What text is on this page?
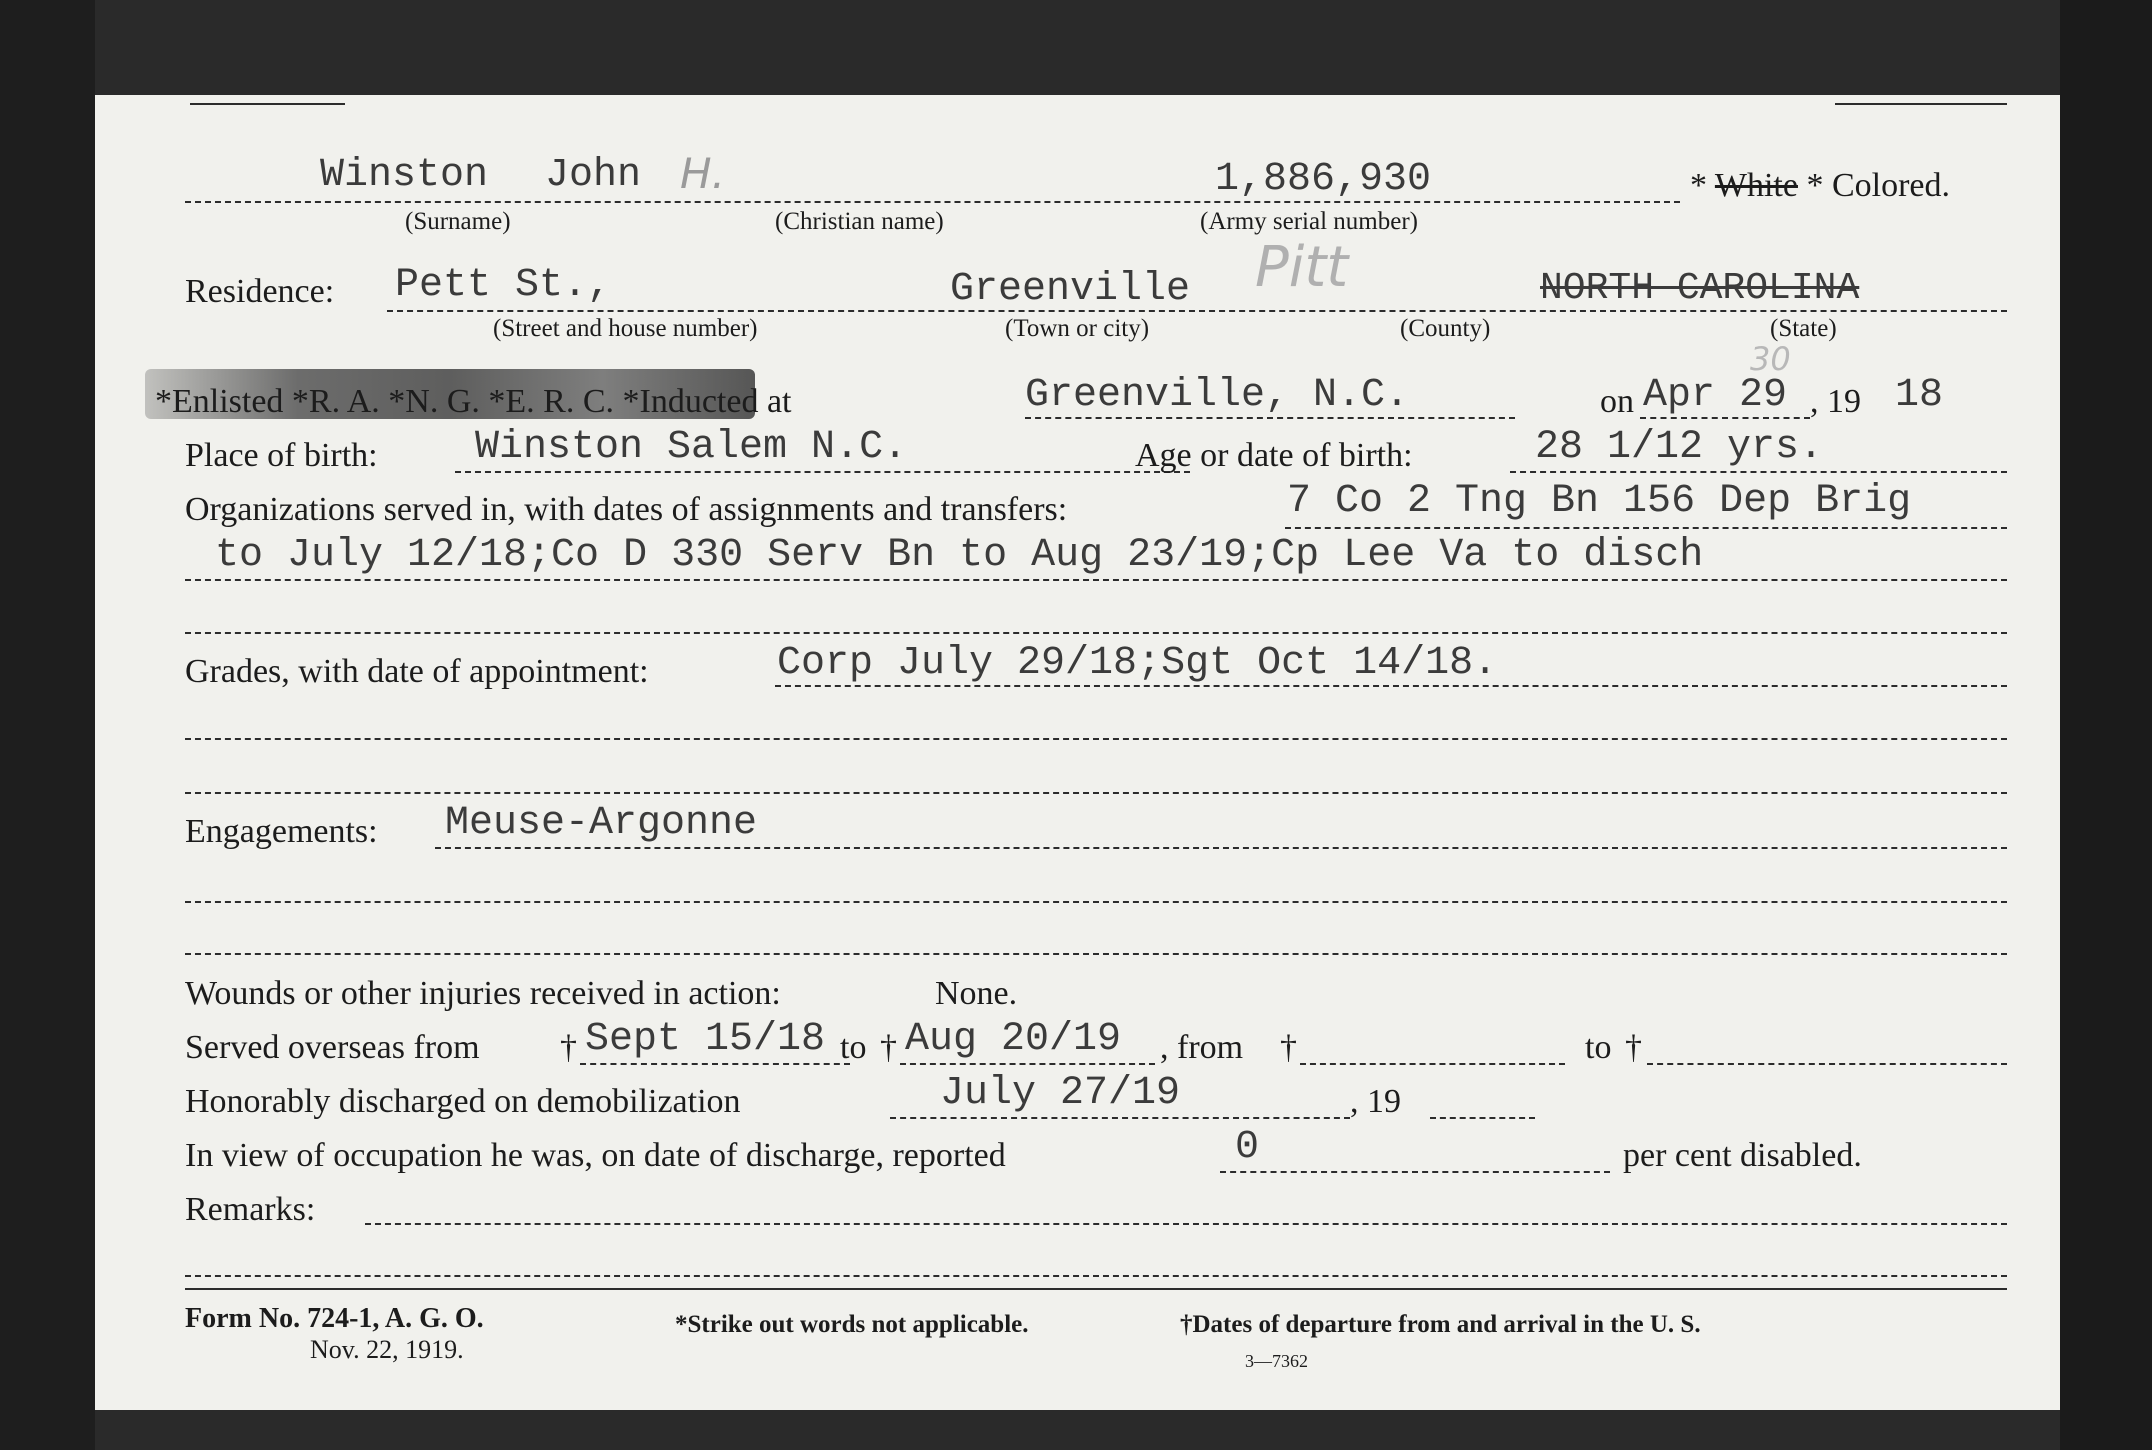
Winston John H.	1,886,930	* White * Colored.
(Surname)	(Christian name)	(Army serial number)
Residence: Pett St.,	Greenville Pitt	NORTH CAROLINA
(Street and house number)	(Town or city)	(County)	(State)
*Enlisted *R. A. *N. G. *E. R. C. *Inducted at	Greenville, N.C.	on Apr 29
30
, 19 18
Place of birth: Winston Salem N.C.	Age or date of birth:	28 1/12 yrs.
Organizations served in, with dates of assignments and transfers:	7 Co 2 Tng Bn 156 Dep Brig
to July 12/18;Co D 330 Serv Bn to Aug 23/19;Cp Lee Va to disch
Grades, with date of appointment:	Corp July 29/18;Sgt Oct 14/18.
Engagements: Meuse-Argonne
Wounds or other injuries received in action:	None.
Served overseas from † Sept 15/18 to † Aug 20/19 , from †	to †
Honorably discharged on demobilization	July 27/19	, 19
In view of occupation he was, on date of discharge, reported	0	per cent disabled.
Remarks:
Form No. 724-1, A. G. O.
Nov. 22, 1919.
*Strike out words not applicable.	†Dates of departure from and arrival in the U. S.
3—7362
